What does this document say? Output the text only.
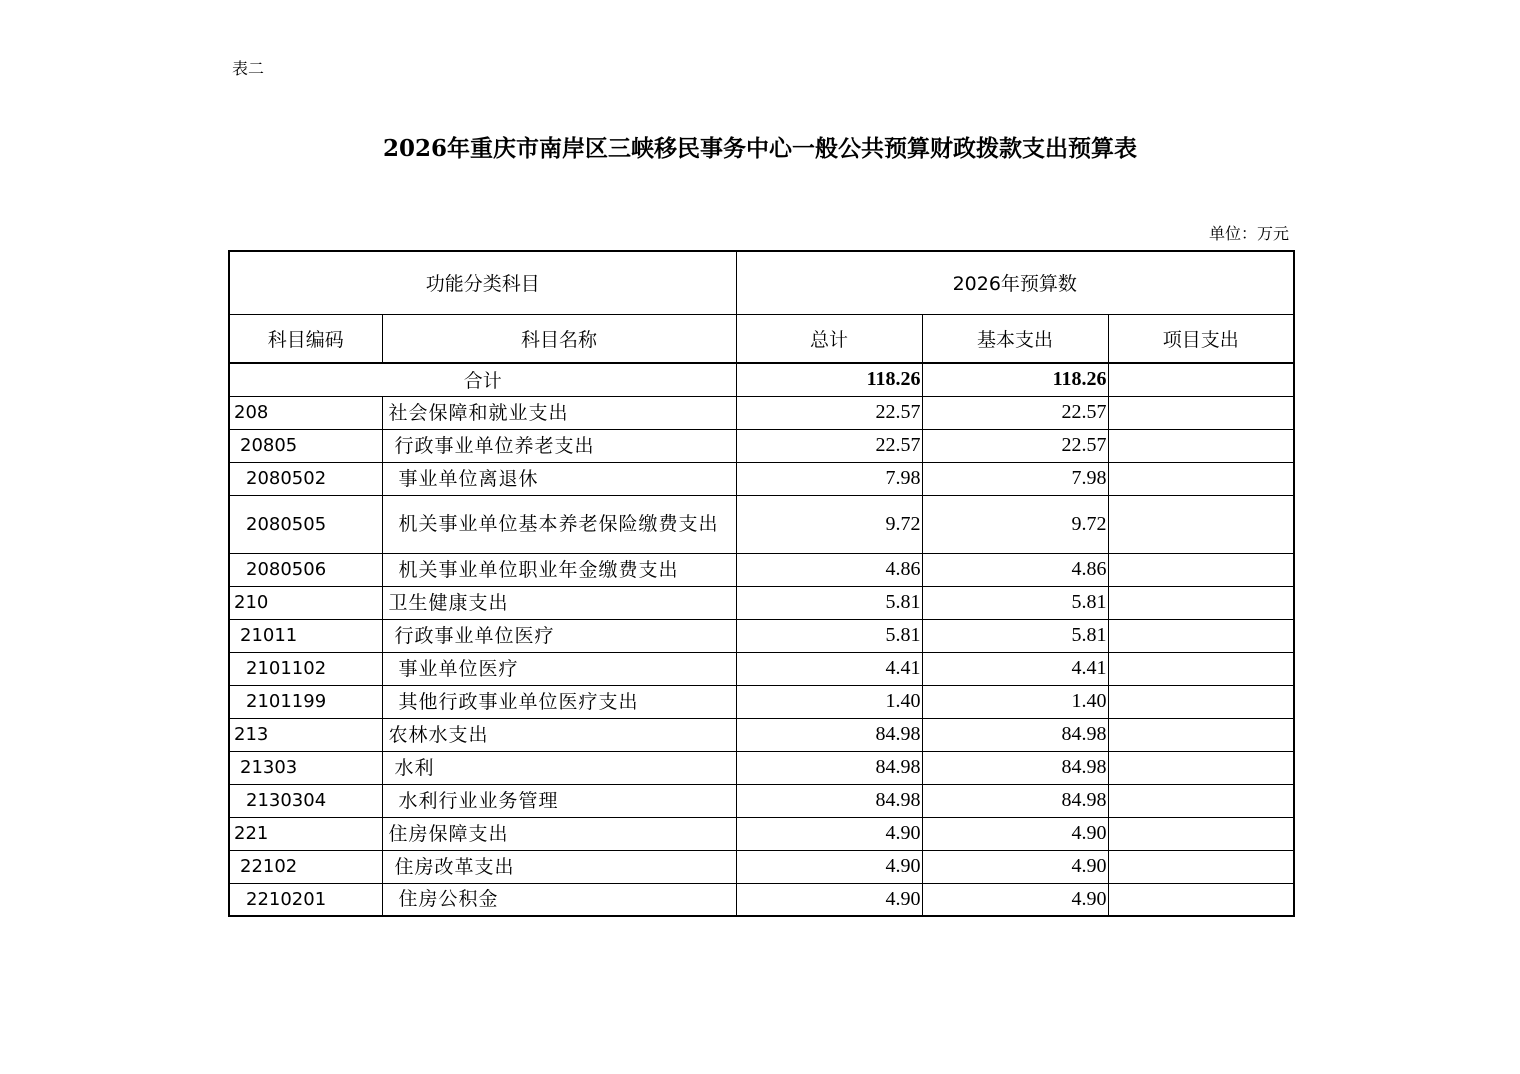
表二
2026年重庆市南岸区三峡移民事务中心一般公共预算财政拨款支出预算表
单位：万元
功能分类科目		2026年预算数		
科目编码	科目名称	总计	基本支出	项目支出
合计		118.26	118.26	
208	社会保障和就业支出	22.57	22.57	
20805	行政事业单位养老支出	22.57	22.57	
2080502	事业单位离退休	7.98	7.98	
2080505	机关事业单位基本养老保险缴费支出	9.72	9.72	
2080506	机关事业单位职业年金缴费支出	4.86	4.86	
210	卫生健康支出	5.81	5.81	
21011	行政事业单位医疗	5.81	5.81	
2101102	事业单位医疗	4.41	4.41	
2101199	其他行政事业单位医疗支出	1.40	1.40	
213	农林水支出	84.98	84.98	
21303	水利	84.98	84.98	
2130304	水利行业业务管理	84.98	84.98	
221	住房保障支出	4.90	4.90	
22102	住房改革支出	4.90	4.90	
2210201	住房公积金	4.90	4.90	
